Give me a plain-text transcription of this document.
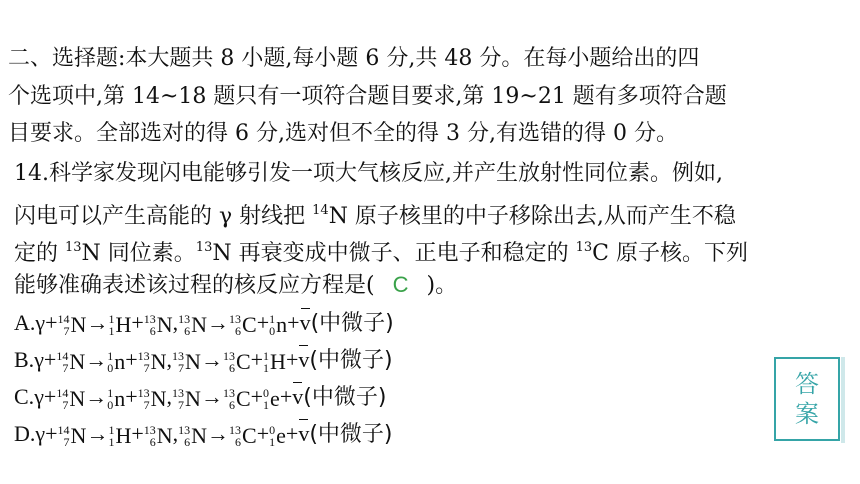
二、选择题:本大题共 8 小题,每小题 6 分,共 48 分。在每小题给出的四
个选项中,第 14~18 题只有一项符合题目要求,第 19~21 题有多项符合题
目要求。全部选对的得 6 分,选对但不全的得 3 分,有选错的得 0 分。
14.科学家发现闪电能够引发一项大气核反应,并产生放射性同位素。例如,
闪电可以产生高能的 γ 射线把 $^{14}$N 原子核里的中子移除出去,从而产生不稳
定的 $^{13}$N 同位素。$^{13}$N 再衰变成中微子、正电子和稳定的 $^{13}$C 原子核。下列
能够准确表述该过程的核反应方程是( C )。
A.γ+ 14
7 N → 1
1 H + 13
6 N , 13
6 N → 13
6 C + 1
0 n +v(中微子)
B.γ+ 14
7 N → 1
0 n + 13
7 N , 13
7 N → 13
6 C + 1
1 H +v(中微子)
C.γ+ 14
7 N → 1
0 n + 13
7 N , 13
7 N → 13
6 C + 0
1 e +v(中微子)
D.γ+ 14
7 N → 1
1 H + 13
6 N , 13
6 N → 13
6 C + 0
1 e +v(中微子)
答
案
